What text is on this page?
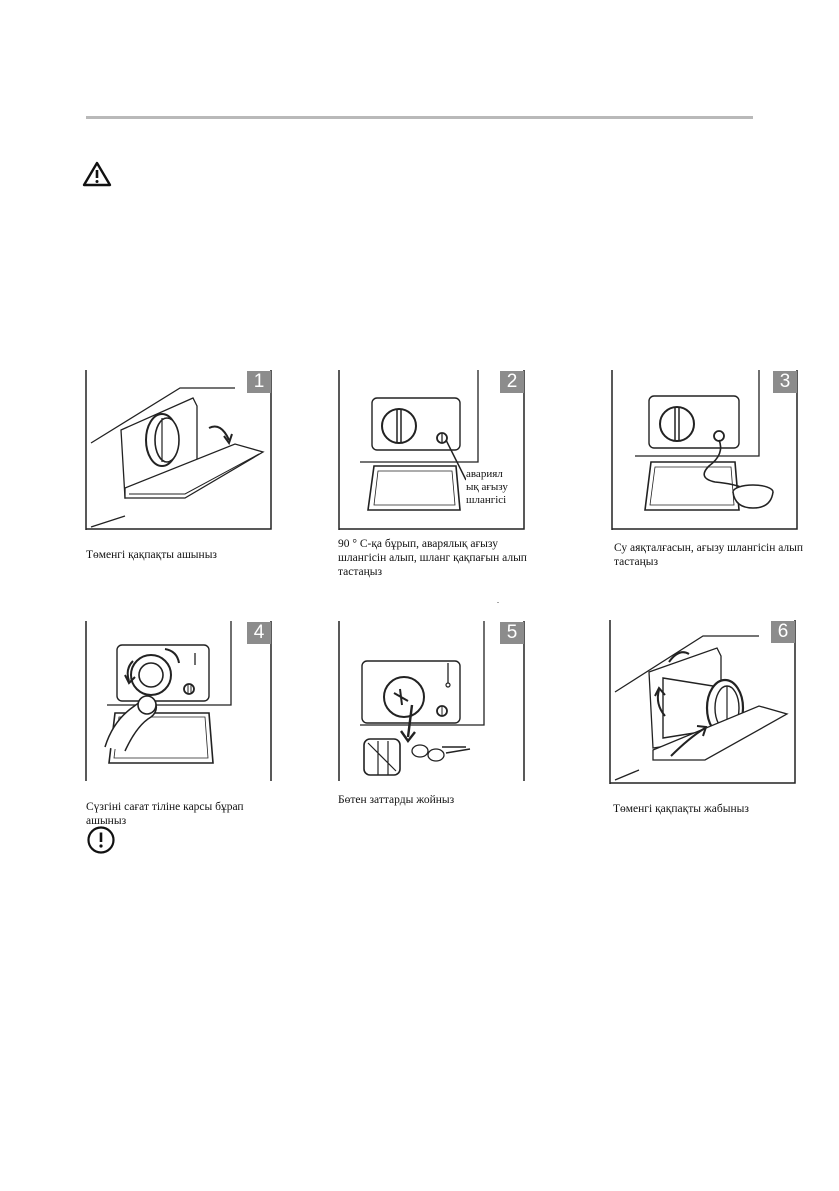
1
Төменгі қақпақты ашыныз
2
авариял ық ағызу шлангісі
90 ° С-қа бұрып, аварялық ағызу шлангісін алып, шланг қақпағын алып тастаңыз
.
3
Су аяқталғасын, ағызу шлангісін алып тастаңыз
4
Сүзгіні сағат тіліне карсы бұрап ашыныз
5
Бөтен заттарды жойныз
6
Төменгі қақпақты жабыныз
